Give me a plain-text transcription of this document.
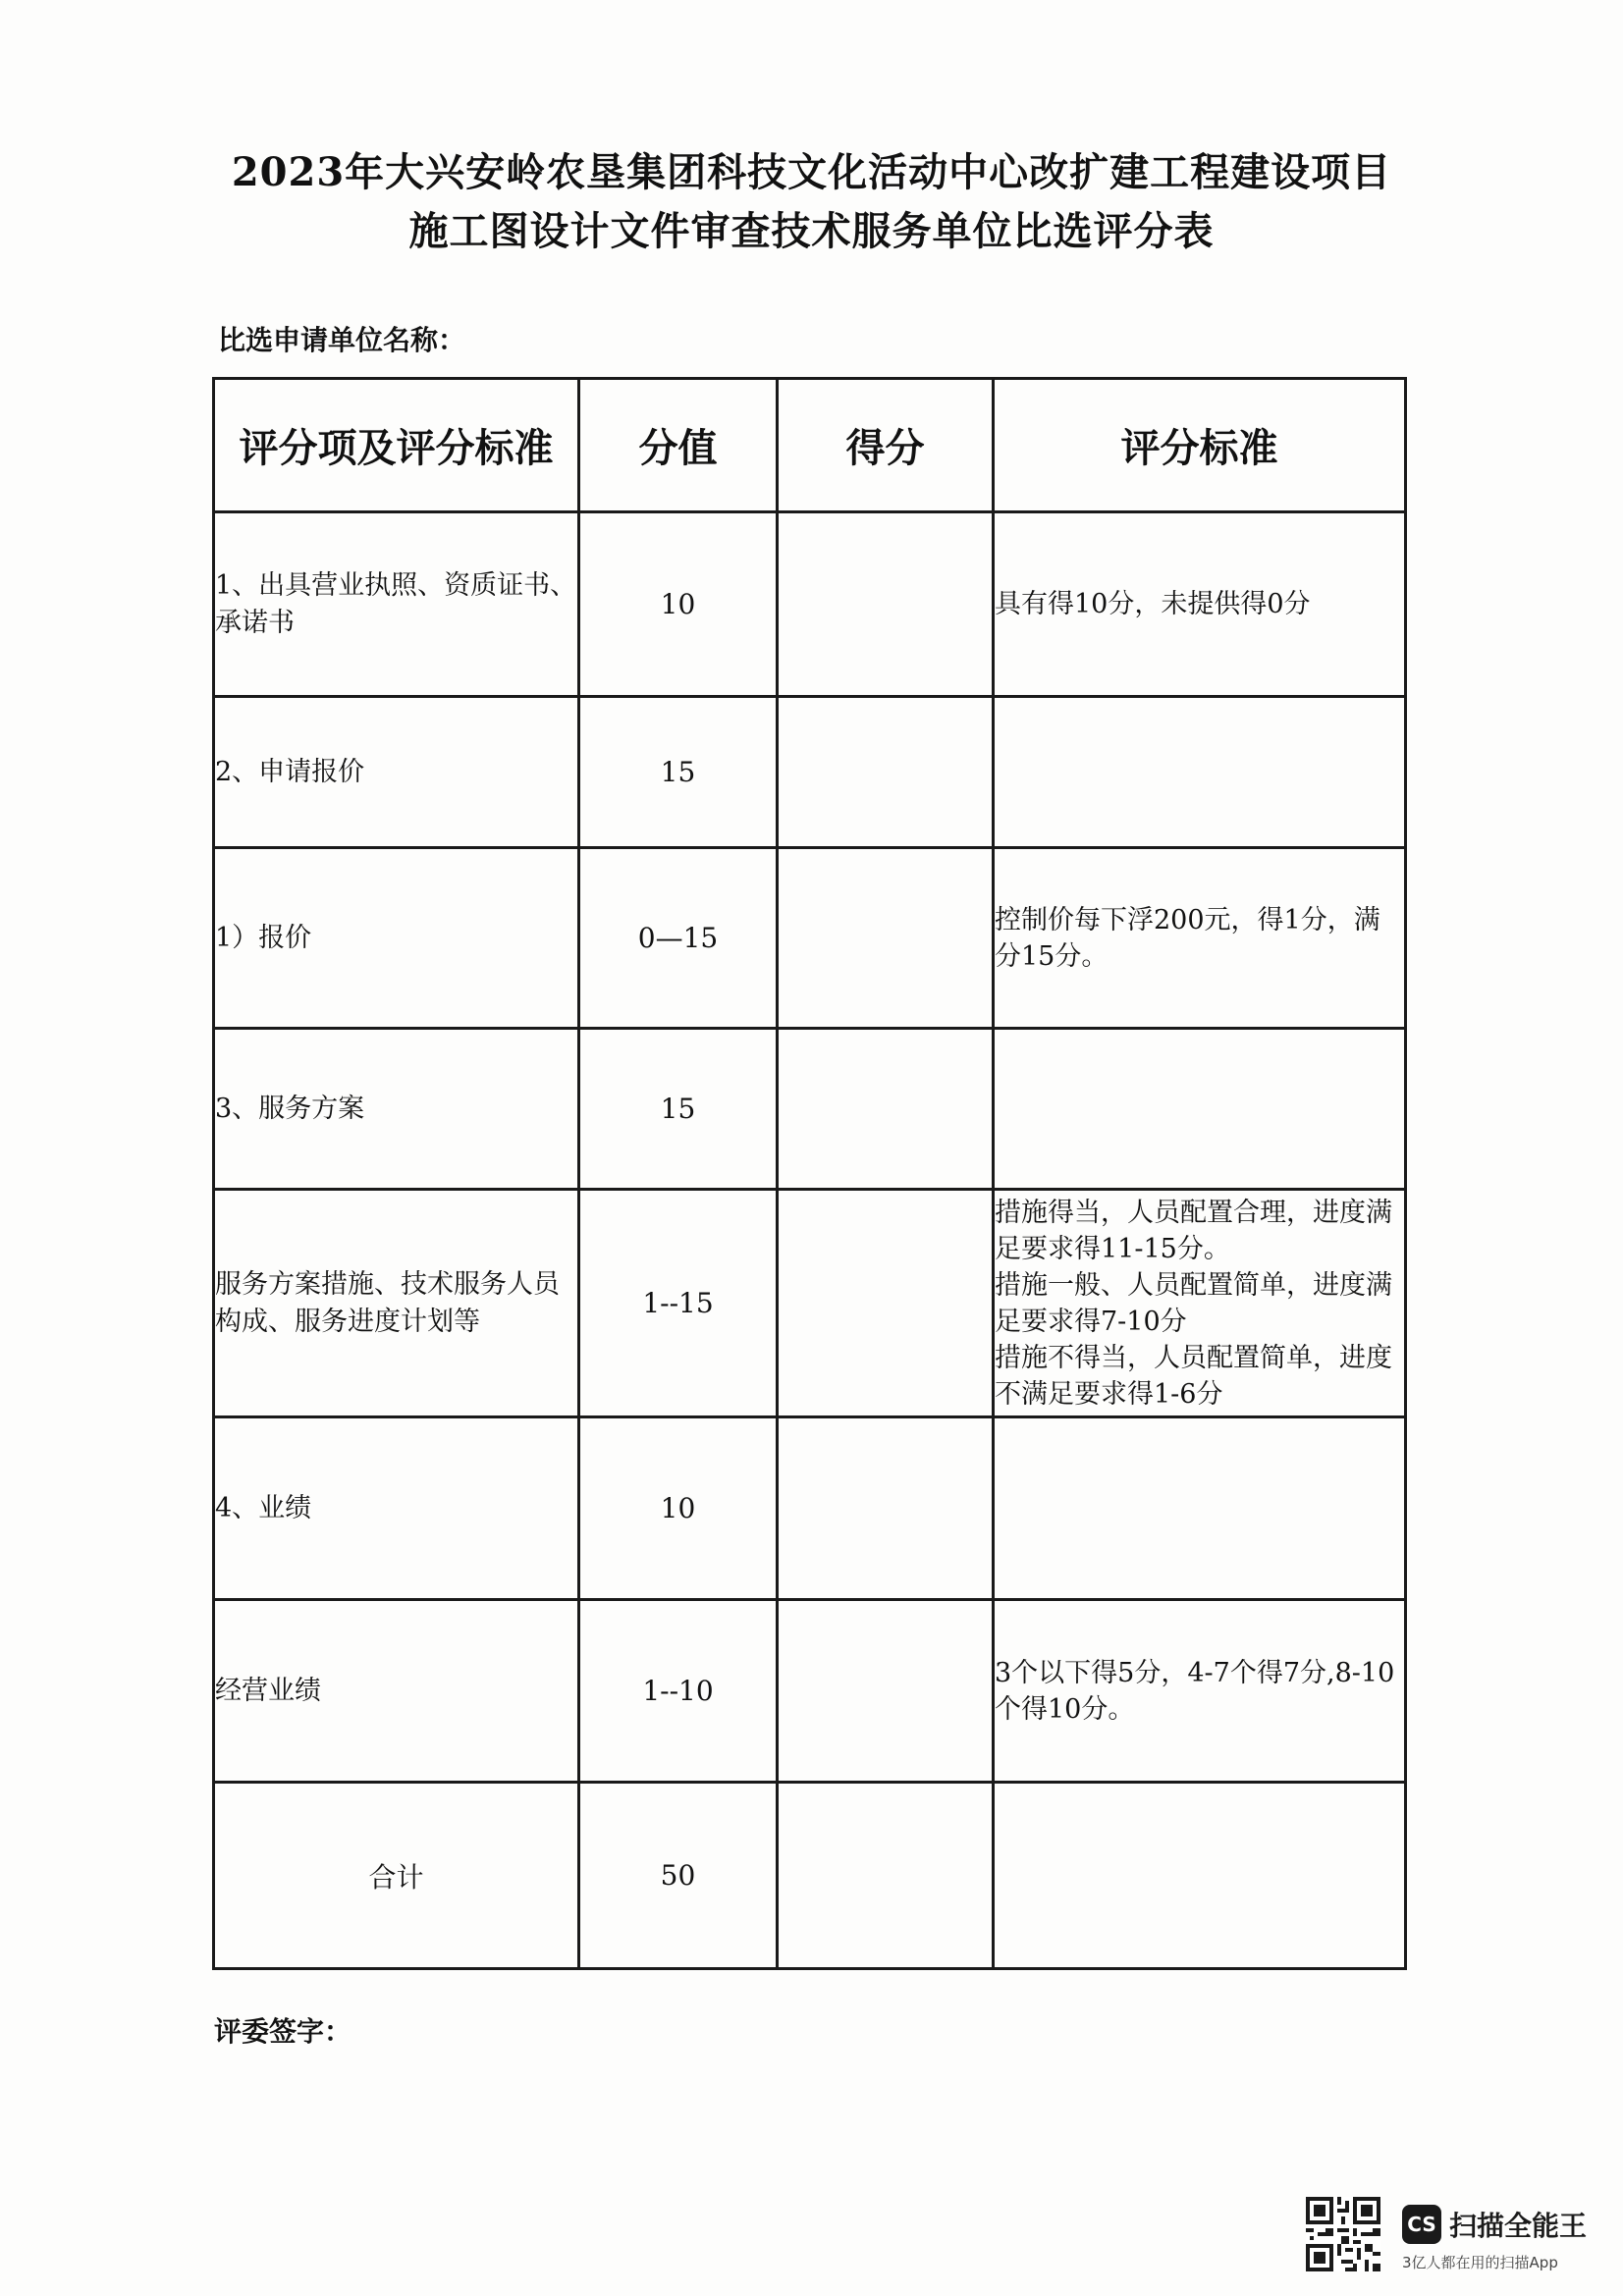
2023年大兴安岭农垦集团科技文化活动中心改扩建工程建设项目
施工图设计文件审查技术服务单位比选评分表
比选申请单位名称：
评分项及评分标准	分值	得分	评分标准
1、出具营业执照、资质证书、承诺书	10		具有得10分，未提供得0分
2、申请报价	15		
1）报价	0—15		控制价每下浮200元，得1分，满分15分。
3、服务方案	15		
服务方案措施、技术服务人员构成、服务进度计划等	1--15		措施得当，人员配置合理，进度满足要求得11-15分。
措施一般、人员配置简单，进度满足要求得7-10分
措施不得当，人员配置简单，进度不满足要求得1-6分

4、业绩	10		
经营业绩	1--10		3个以下得5分，4-7个得7分,8-10个得10分。
合计	50		
评委签字：
CS 扫描全能王
3亿人都在用的扫描App
